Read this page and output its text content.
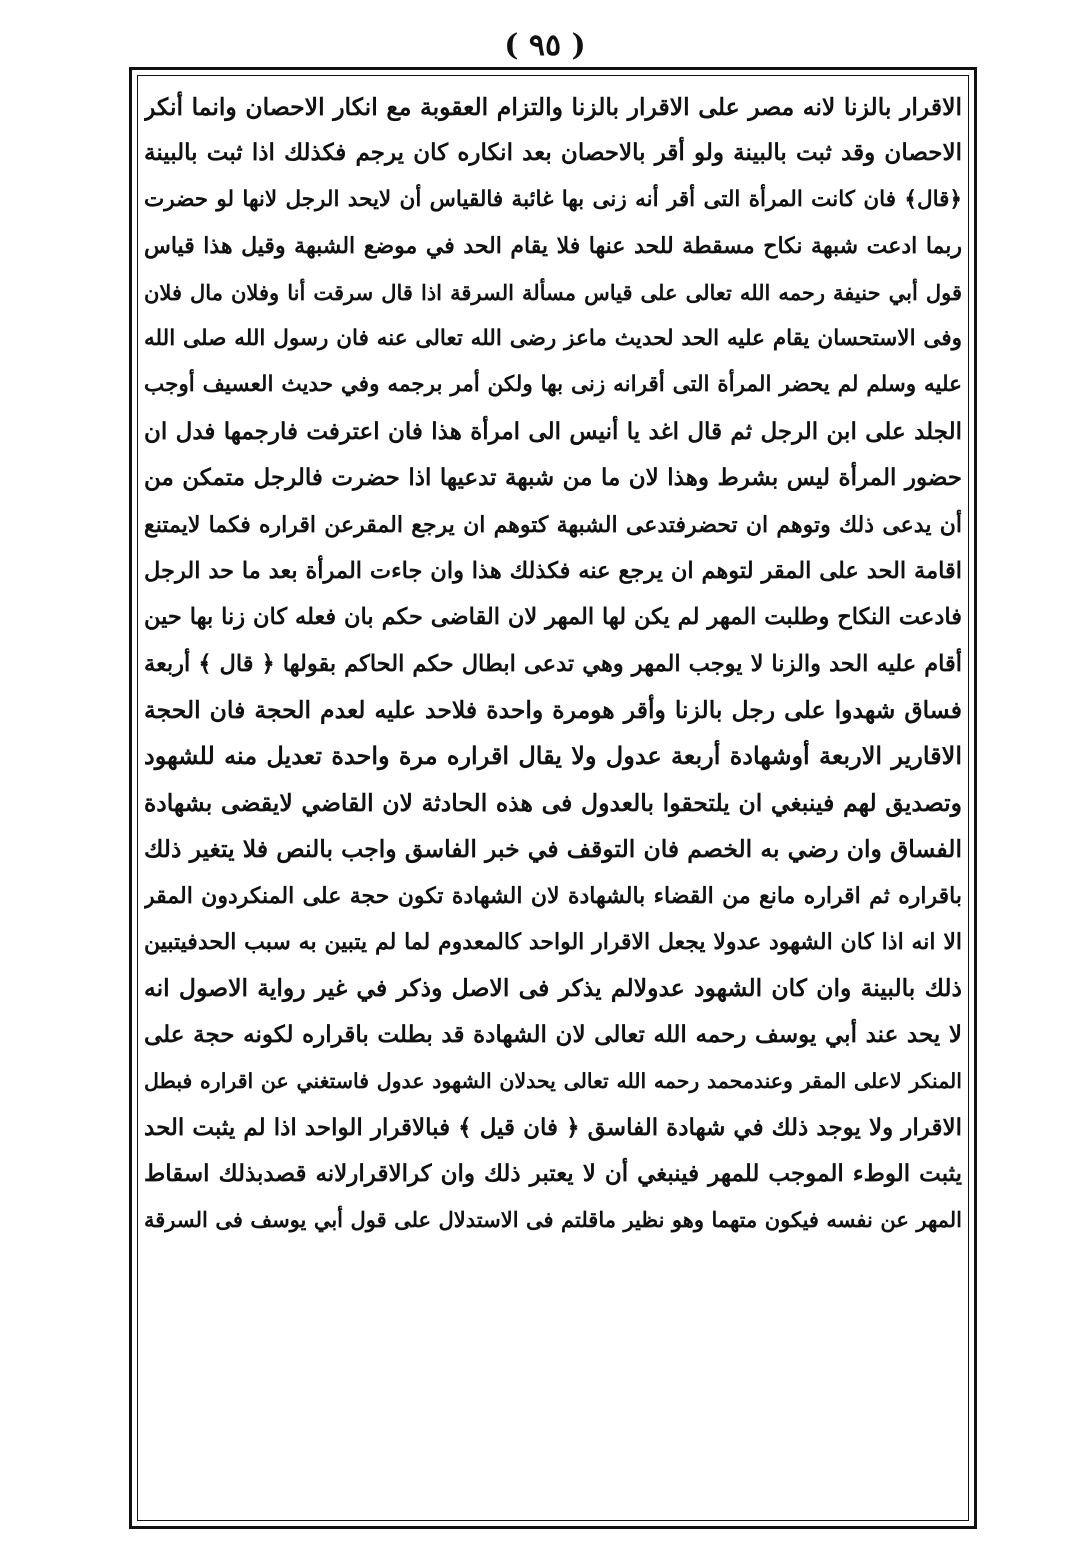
( ٩٥ )
الاقرار بالزنا لانه مصر على الاقرار بالزنا والتزام العقوبة مع انكار الاحصان وانما أنكر
الاحصان وقد ثبت بالبينة ولو أقر بالاحصان بعد انكاره كان يرجم فكذلك اذا ثبت بالبينة
﴿قال﴾ فان كانت المرأة التى أقر أنه زنى بها غائبة فالقياس أن لايحد الرجل لانها لو حضرت
ربما ادعت شبهة نكاح مسقطة للحد عنها فلا يقام الحد في موضع الشبهة وقيل هذا قياس
قول أبي حنيفة رحمه الله تعالى على قياس مسألة السرقة اذا قال سرقت أنا وفلان مال فلان
وفى الاستحسان يقام عليه الحد لحديث ماعز رضى الله تعالى عنه فان رسول الله صلى الله
عليه وسلم لم يحضر المرأة التى أقرانه زنى بها ولكن أمر برجمه وفي حديث العسيف أوجب
الجلد على ابن الرجل ثم قال اغد يا أنيس الى امرأة هذا فان اعترفت فارجمها فدل ان
حضور المرأة ليس بشرط وهذا لان ما من شبهة تدعيها اذا حضرت فالرجل متمكن من
أن يدعى ذلك وتوهم ان تحضرفتدعى الشبهة كتوهم ان يرجع المقرعن اقراره فكما لايمتنع
اقامة الحد على المقر لتوهم ان يرجع عنه فكذلك هذا وان جاءت المرأة بعد ما حد الرجل
فادعت النكاح وطلبت المهر لم يكن لها المهر لان القاضى حكم بان فعله كان زنا بها حين
أقام عليه الحد والزنا لا يوجب المهر وهي تدعى ابطال حكم الحاكم بقولها ﴿ قال ﴾ أربعة
فساق شهدوا على رجل بالزنا وأقر هومرة واحدة فلاحد عليه لعدم الحجة فان الحجة
الاقارير الاربعة أوشهادة أربعة عدول ولا يقال اقراره مرة واحدة تعديل منه للشهود
وتصديق لهم فينبغي ان يلتحقوا بالعدول فى هذه الحادثة لان القاضي لايقضى بشهادة
الفساق وان رضي به الخصم فان التوقف في خبر الفاسق واجب بالنص فلا يتغير ذلك
باقراره ثم اقراره مانع من القضاء بالشهادة لان الشهادة تكون حجة على المنكردون المقر
الا انه اذا كان الشهود عدولا يجعل الاقرار الواحد كالمعدوم لما لم يتبين به سبب الحدفيتبين
ذلك بالبينة وان كان الشهود عدولالم يذكر فى الاصل وذكر في غير رواية الاصول انه
لا يحد عند أبي يوسف رحمه الله تعالى لان الشهادة قد بطلت باقراره لكونه حجة على
المنكر لاعلى المقر وعندمحمد رحمه الله تعالى يحدلان الشهود عدول فاستغني عن اقراره فبطل
الاقرار ولا يوجد ذلك في شهادة الفاسق ﴿ فان قيل ﴾ فبالاقرار الواحد اذا لم يثبت الحد
يثبت الوطء الموجب للمهر فينبغي أن لا يعتبر ذلك وان كرالاقرارلانه قصدبذلك اسقاط
المهر عن نفسه فيكون متهما وهو نظير ماقلتم فى الاستدلال على قول أبي يوسف فى السرقة
